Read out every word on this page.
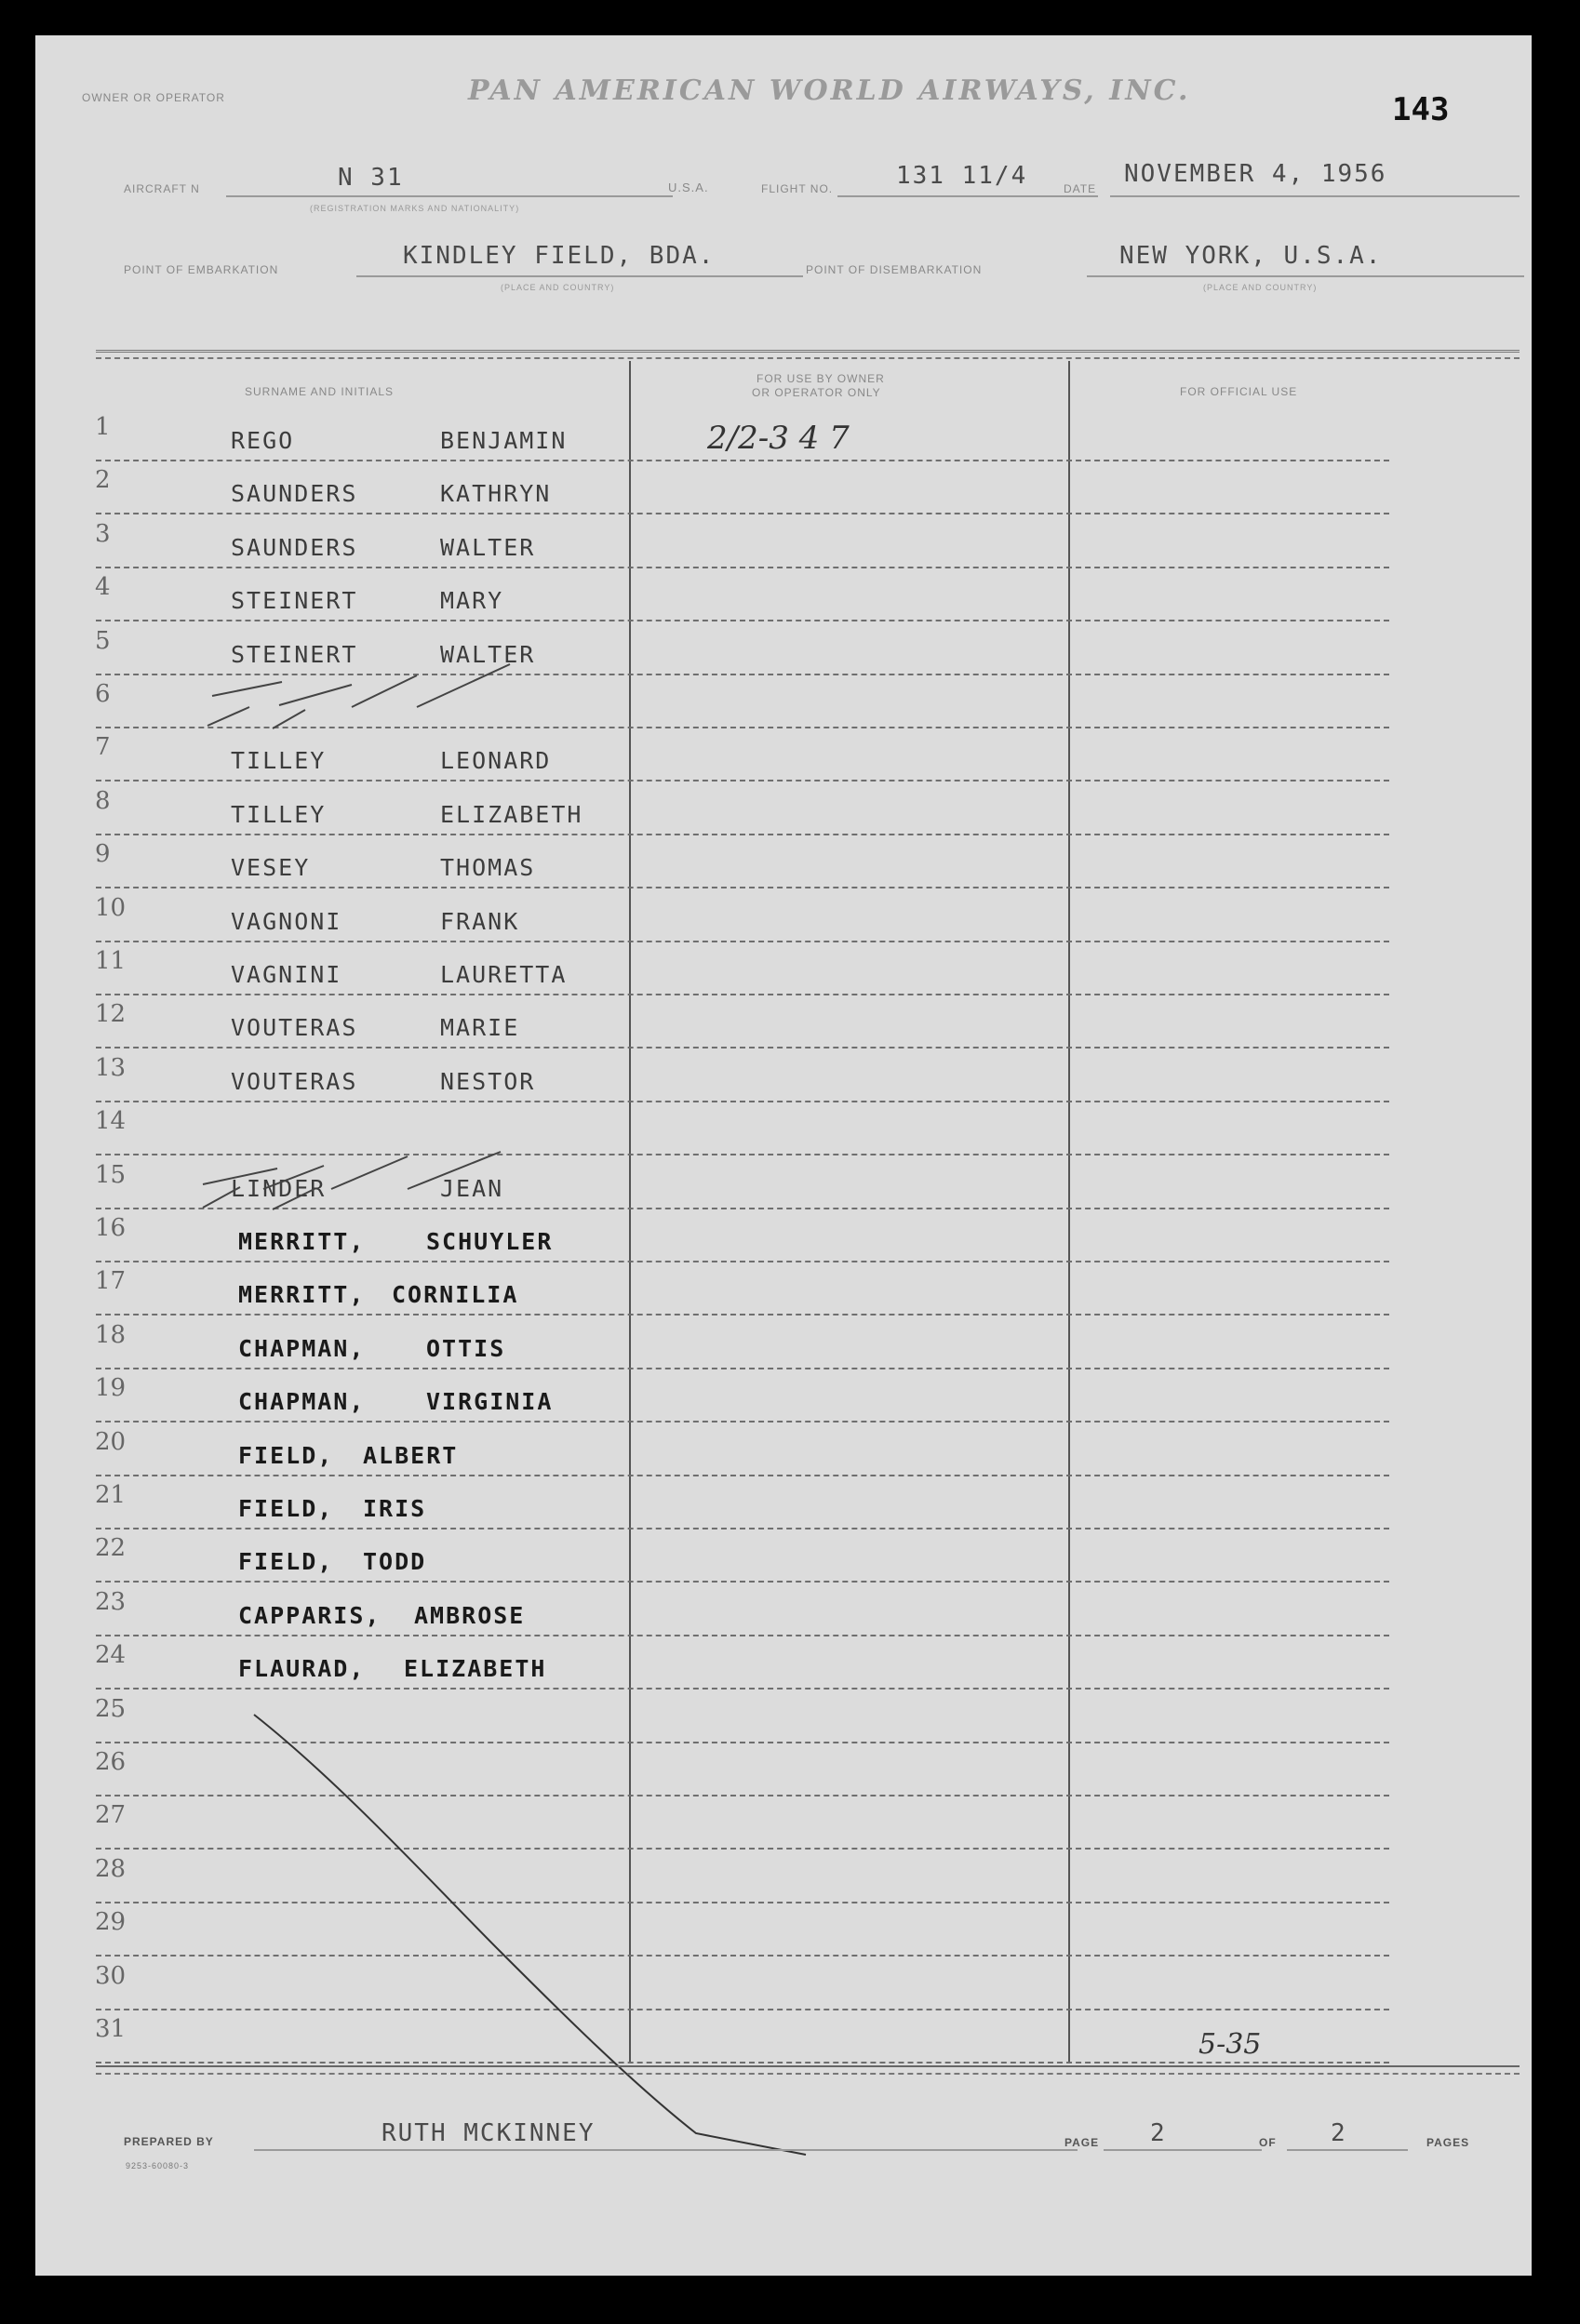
OWNER OR OPERATOR	PAN AMERICAN WORLD AIRWAYS, INC.
143
AIRCRAFT N	N 31
(REGISTRATION MARKS AND NATIONALITY)
U.S.A.	FLIGHT NO.	131 11/4	DATE
NOVEMBER 4, 1956
POINT OF EMBARKATION	KINDLEY FIELD, BDA.
(PLACE AND COUNTRY)
POINT OF DISEMBARKATION	NEW YORK, U.S.A.
(PLACE AND COUNTRY)
SURNAME AND INITIALS
FOR USE BY OWNER
OR OPERATOR ONLY	FOR OFFICIAL USE
2/2-3 4 7
1	REGO	BENJAMIN
2	SAUNDERS	KATHRYN
3	SAUNDERS	WALTER
4	STEINERT	MARY
5	STEINERT	WALTER
6
7	TILLEY	LEONARD
8	TILLEY	ELIZABETH
9	VESEY	THOMAS
10	VAGNONI	FRANK
11	VAGNINI	LAURETTA
12	VOUTERAS	MARIE
13	VOUTERAS	NESTOR
14
15	LINDER	JEAN
16	MERRITT,	SCHUYLER
17	MERRITT, CORNILIA
18	CHAPMAN,	OTTIS
19	CHAPMAN,	VIRGINIA
20	FIELD, ALBERT
21	FIELD, IRIS
22	FIELD, TODD
23	CAPPARIS, AMBROSE
24	FLAURAD, ELIZABETH
25
26
27
28
29
30
31	5-35
PREPARED BY	RUTH MCKINNEY
9253-60080-3
PAGE 2	OF 2	PAGES
